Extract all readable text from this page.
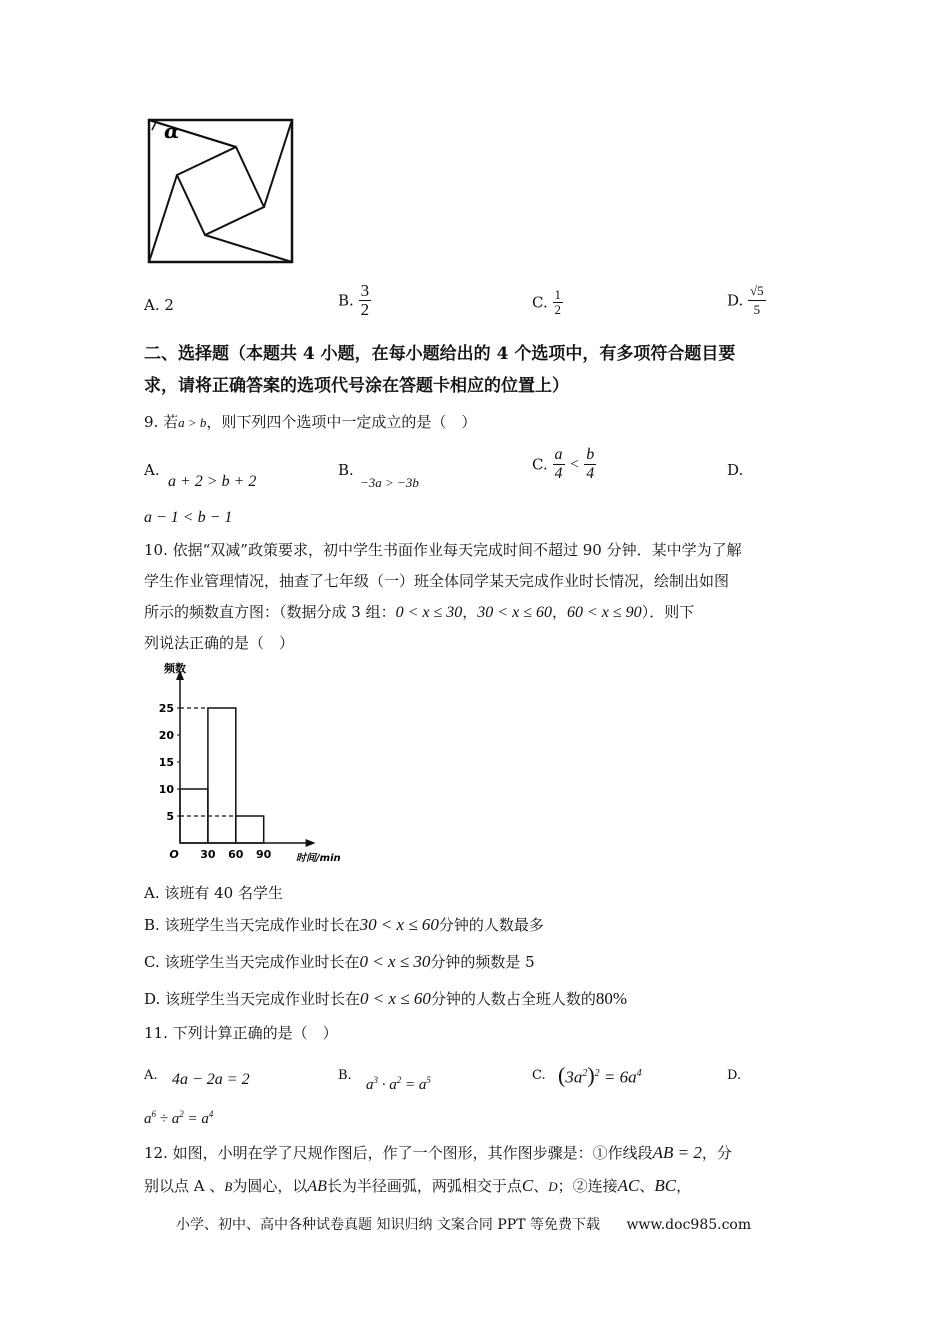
α
A. 2	B. $\frac{3}{2}$	C. $\frac{1}{2}$	D. $\frac{√5}{5}$
二、选择题（本题共 4 小题，在每小题给出的 4 个选项中，有多项符合题目要
求，请将正确答案的选项代号涂在答题卡相应的位置上）
9. 若a > b，则下列四个选项中一定成立的是（　）
A.
a + 2 > b + 2
B.
−3a > −3b
C. $\frac{a}{4} < \frac{b}{4}$	D.
a − 1 < b − 1
10. 依据“双减”政策要求，初中学生书面作业每天完成时间不超过 90 分钟．某中学为了解
学生作业管理情况，抽查了七年级（一）班全体同学某天完成作业时长情况，绘制出如图
所示的频数直方图：（数据分成 3 组：0 < x ≤ 30，30 < x ≤ 60，60 < x ≤ 90）．则下
列说法正确的是（　）
5
10
15
20
25
O 30 60 90
频数
时间/min
A. 该班有 40 名学生
B. 该班学生当天完成作业时长在30 < x ≤ 60分钟的人数最多
C. 该班学生当天完成作业时长在0 < x ≤ 30分钟的频数是 5
D. 该班学生当天完成作业时长在0 < x ≤ 60分钟的人数占全班人数的80%
11. 下列计算正确的是（　）
A. 4a − 2a = 2	B.
$a^3 \cdot a^2 = a^5$	C. $(3a^2)^2 = 6a^4$	D.
$a^6 \div a^2 = a^4$
12. 如图，小明在学了尺规作图后，作了一个图形，其作图步骤是：①作线段AB = 2，分
别以点 A 、B为圆心，以AB长为半径画弧，两弧相交于点C、D；②连接AC、BC，
小学、初中、高中各种试卷真题 知识归纳 文案合同 PPT 等免费下载 www.doc985.com
